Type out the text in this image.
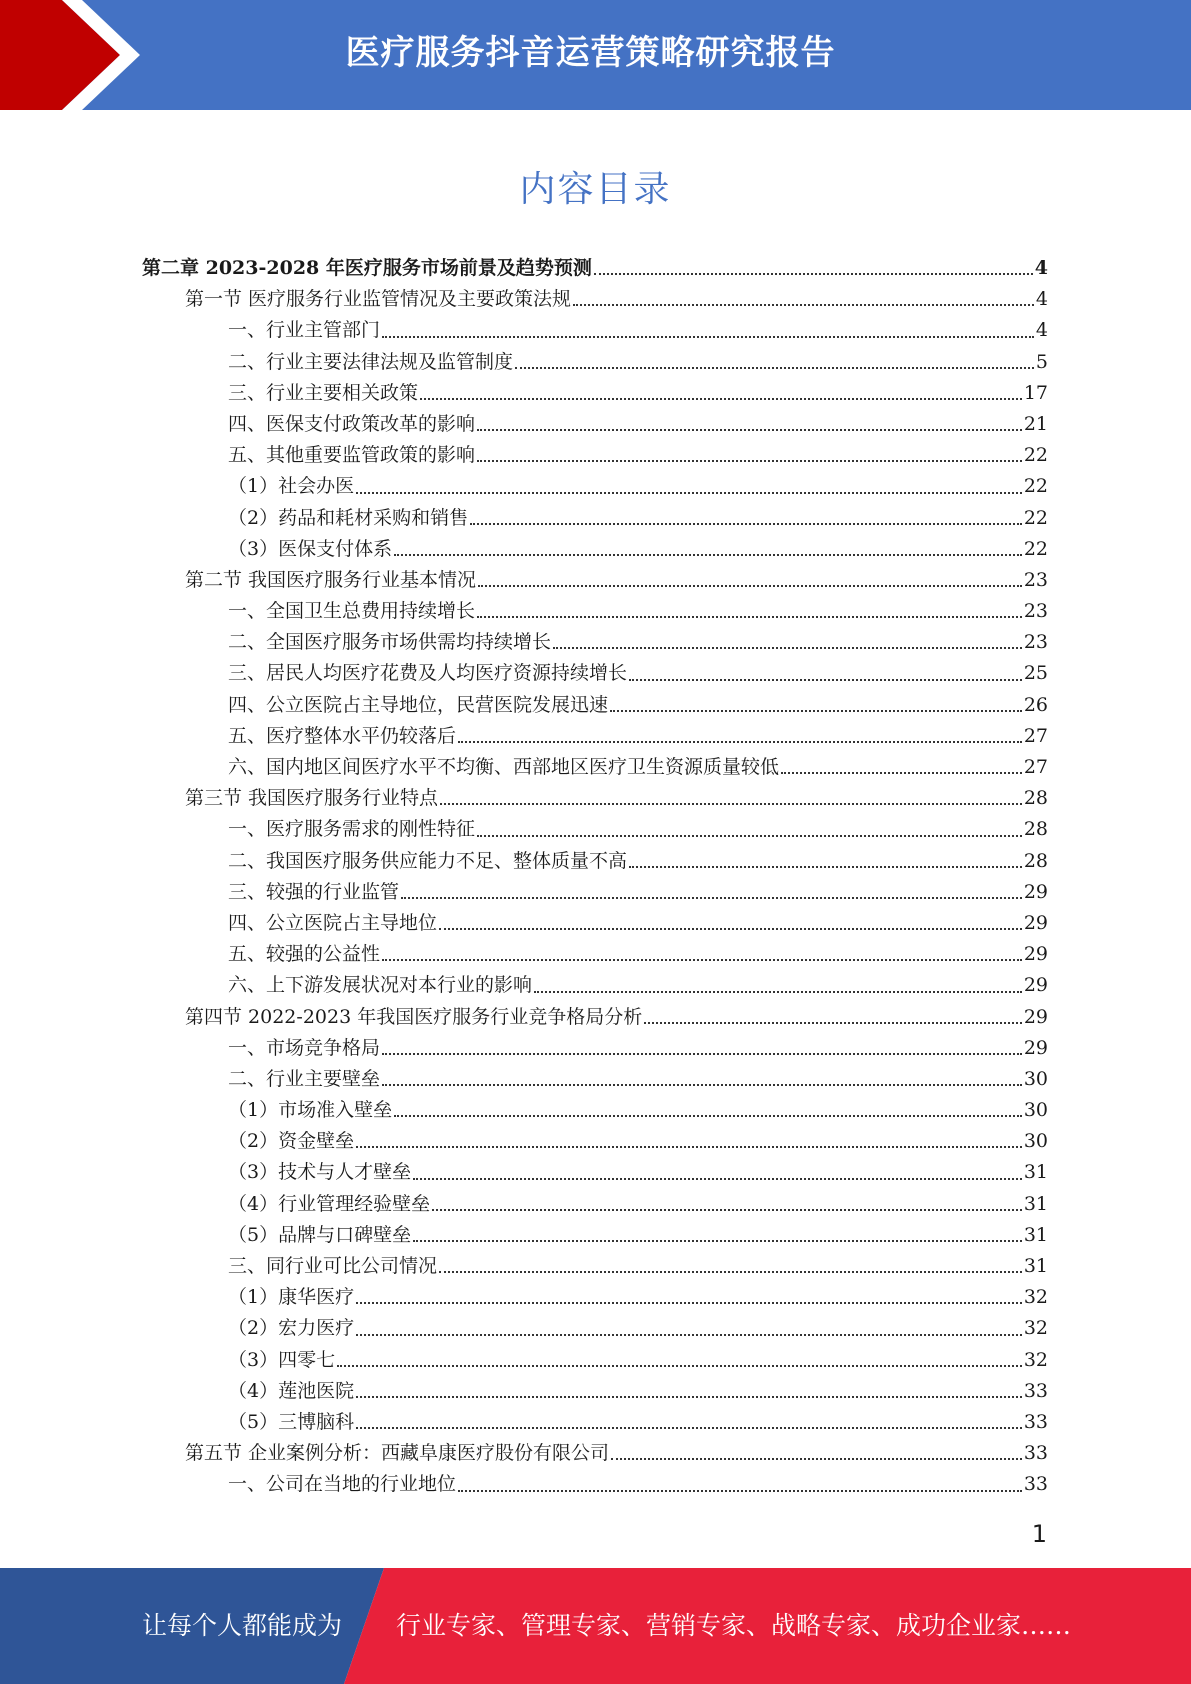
医疗服务抖音运营策略研究报告
内容目录
第二章 2023-2028 年医疗服务市场前景及趋势预测	4
第一节 医疗服务行业监管情况及主要政策法规	4
一、行业主管部门	4
二、行业主要法律法规及监管制度	5
三、行业主要相关政策	17
四、医保支付政策改革的影响	21
五、其他重要监管政策的影响	22
（1）社会办医	22
（2）药品和耗材采购和销售	22
（3）医保支付体系	22
第二节 我国医疗服务行业基本情况	23
一、全国卫生总费用持续增长	23
二、全国医疗服务市场供需均持续增长	23
三、居民人均医疗花费及人均医疗资源持续增长	25
四、公立医院占主导地位，民营医院发展迅速	26
五、医疗整体水平仍较落后	27
六、国内地区间医疗水平不均衡、西部地区医疗卫生资源质量较低	27
第三节 我国医疗服务行业特点	28
一、医疗服务需求的刚性特征	28
二、我国医疗服务供应能力不足、整体质量不高	28
三、较强的行业监管	29
四、公立医院占主导地位	29
五、较强的公益性	29
六、上下游发展状况对本行业的影响	29
第四节 2022-2023 年我国医疗服务行业竞争格局分析	29
一、市场竞争格局	29
二、行业主要壁垒	30
（1）市场准入壁垒	30
（2）资金壁垒	30
（3）技术与人才壁垒	31
（4）行业管理经验壁垒	31
（5）品牌与口碑壁垒	31
三、同行业可比公司情况	31
（1）康华医疗	32
（2）宏力医疗	32
（3）四零七	32
（4）莲池医院	33
（5）三博脑科	33
第五节 企业案例分析：西藏阜康医疗股份有限公司	33
一、公司在当地的行业地位	33
1
让每个人都能成为 行业专家、管理专家、营销专家、战略专家、成功企业家……
